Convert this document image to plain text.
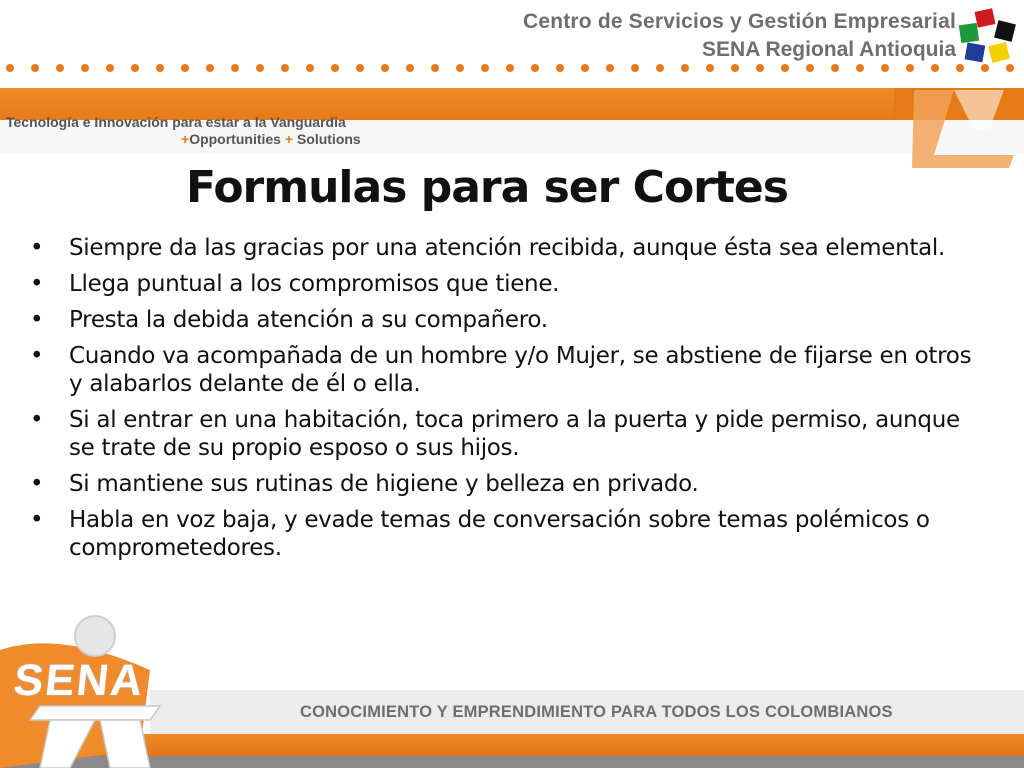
Centro de Servicios y Gestión Empresarial
SENA Regional Antioquia
Tecnología e Innovación para estar a la Vanguardia
+Opportunities + Solutions
Formulas para ser Cortes
• Siempre da las gracias por una atención recibida, aunque ésta sea elemental.
• Llega puntual a los compromisos que tiene.
• Presta la debida atención a su compañero.
• Cuando va acompañada de un hombre y/o Mujer, se abstiene de fijarse en otros y alabarlos delante de él o ella.
• Si al entrar en una habitación, toca primero a la puerta y pide permiso, aunque se trate de su propio esposo o sus hijos.
• Si mantiene sus rutinas de higiene y belleza en privado.
• Habla en voz baja, y evade temas de conversación sobre temas polémicos o comprometedores.
CONOCIMIENTO Y EMPRENDIMIENTO PARA TODOS LOS COLOMBIANOS
SENA
